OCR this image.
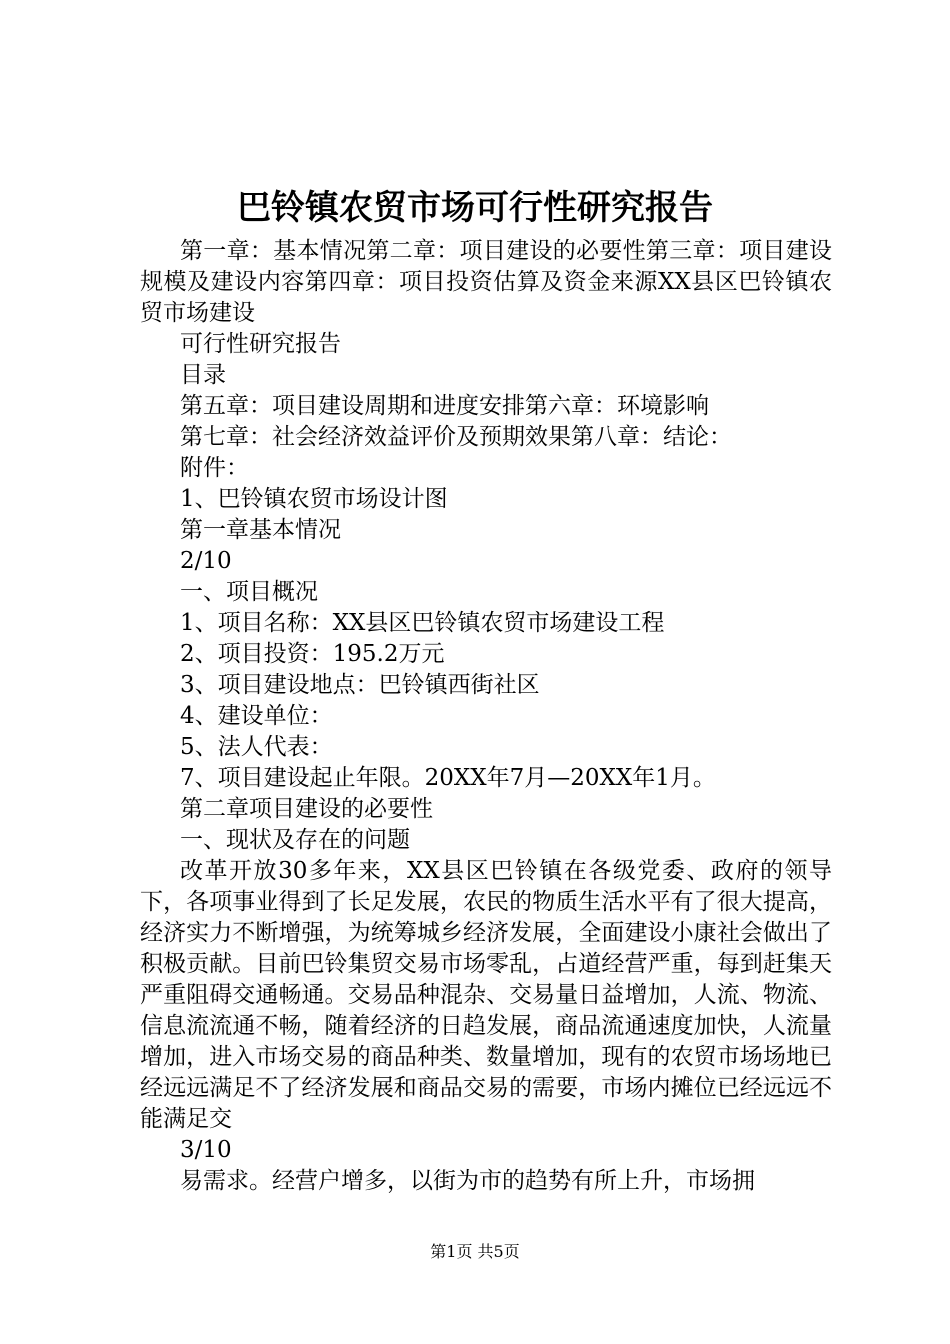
巴铃镇农贸市场可行性研究报告

第一章：基本情况第二章：项目建设的必要性第三章：项目建设规模及建设内容第四章：项目投资估算及资金来源XX县区巴铃镇农贸市场建设

可行性研究报告

目录

第五章：项目建设周期和进度安排第六章：环境影响

第七章：社会经济效益评价及预期效果第八章：结论：

附件：

1、巴铃镇农贸市场设计图

第一章基本情况

2/10

一、项目概况

1、项目名称：XX县区巴铃镇农贸市场建设工程

2、项目投资：195.2万元

3、项目建设地点：巴铃镇西街社区

4、建设单位：

5、法人代表：

7、项目建设起止年限。20XX年7月—20XX年1月。

第二章项目建设的必要性

一、现状及存在的问题

改革开放30多年来，XX县区巴铃镇在各级党委、政府的领导下，各项事业得到了长足发展，农民的物质生活水平有了很大提高，经济实力不断增强，为统筹城乡经济发展，全面建设小康社会做出了积极贡献。目前巴铃集贸交易市场零乱，占道经营严重，每到赶集天严重阻碍交通畅通。交易品种混杂、交易量日益增加，人流、物流、信息流流通不畅，随着经济的日趋发展，商品流通速度加快，人流量增加，进入市场交易的商品种类、数量增加，现有的农贸市场场地已经远远满足不了经济发展和商品交易的需要，市场内摊位已经远远不能满足交

3/10

易需求。经营户增多，以街为市的趋势有所上升，市场拥

第1页 共5页
